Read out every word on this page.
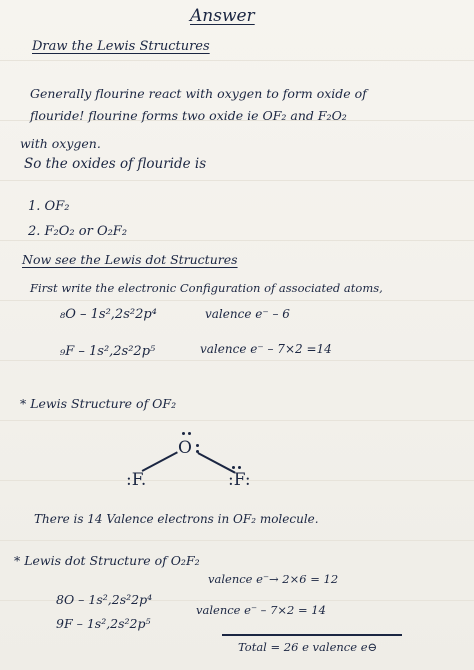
Answer
Draw the Lewis Structures
Generally flourine react with oxygen to form oxide of
flouride! flourine forms two oxide ie OF₂ and F₂O₂
with oxygen.
So the oxides of flouride is
1. OF₂
2. F₂O₂ or O₂F₂
Now see the Lewis dot Structures
First write the electronic Configuration of associated atoms,
₈O – 1s²,2s²2p⁴	valence e⁻ – 6
₉F – 1s²,2s²2p⁵	valence e⁻ – 7×2 =14
* Lewis Structure of OF₂
O
:F.	:F:
There is 14 Valence electrons in OF₂ molecule.
* Lewis dot Structure of O₂F₂
8O – 1s²,2s²2p⁴
valence e⁻→ 2×6 = 12
9F – 1s²,2s²2p⁵
valence e⁻ – 7×2 = 14
Total = 26 e valence e⊖
